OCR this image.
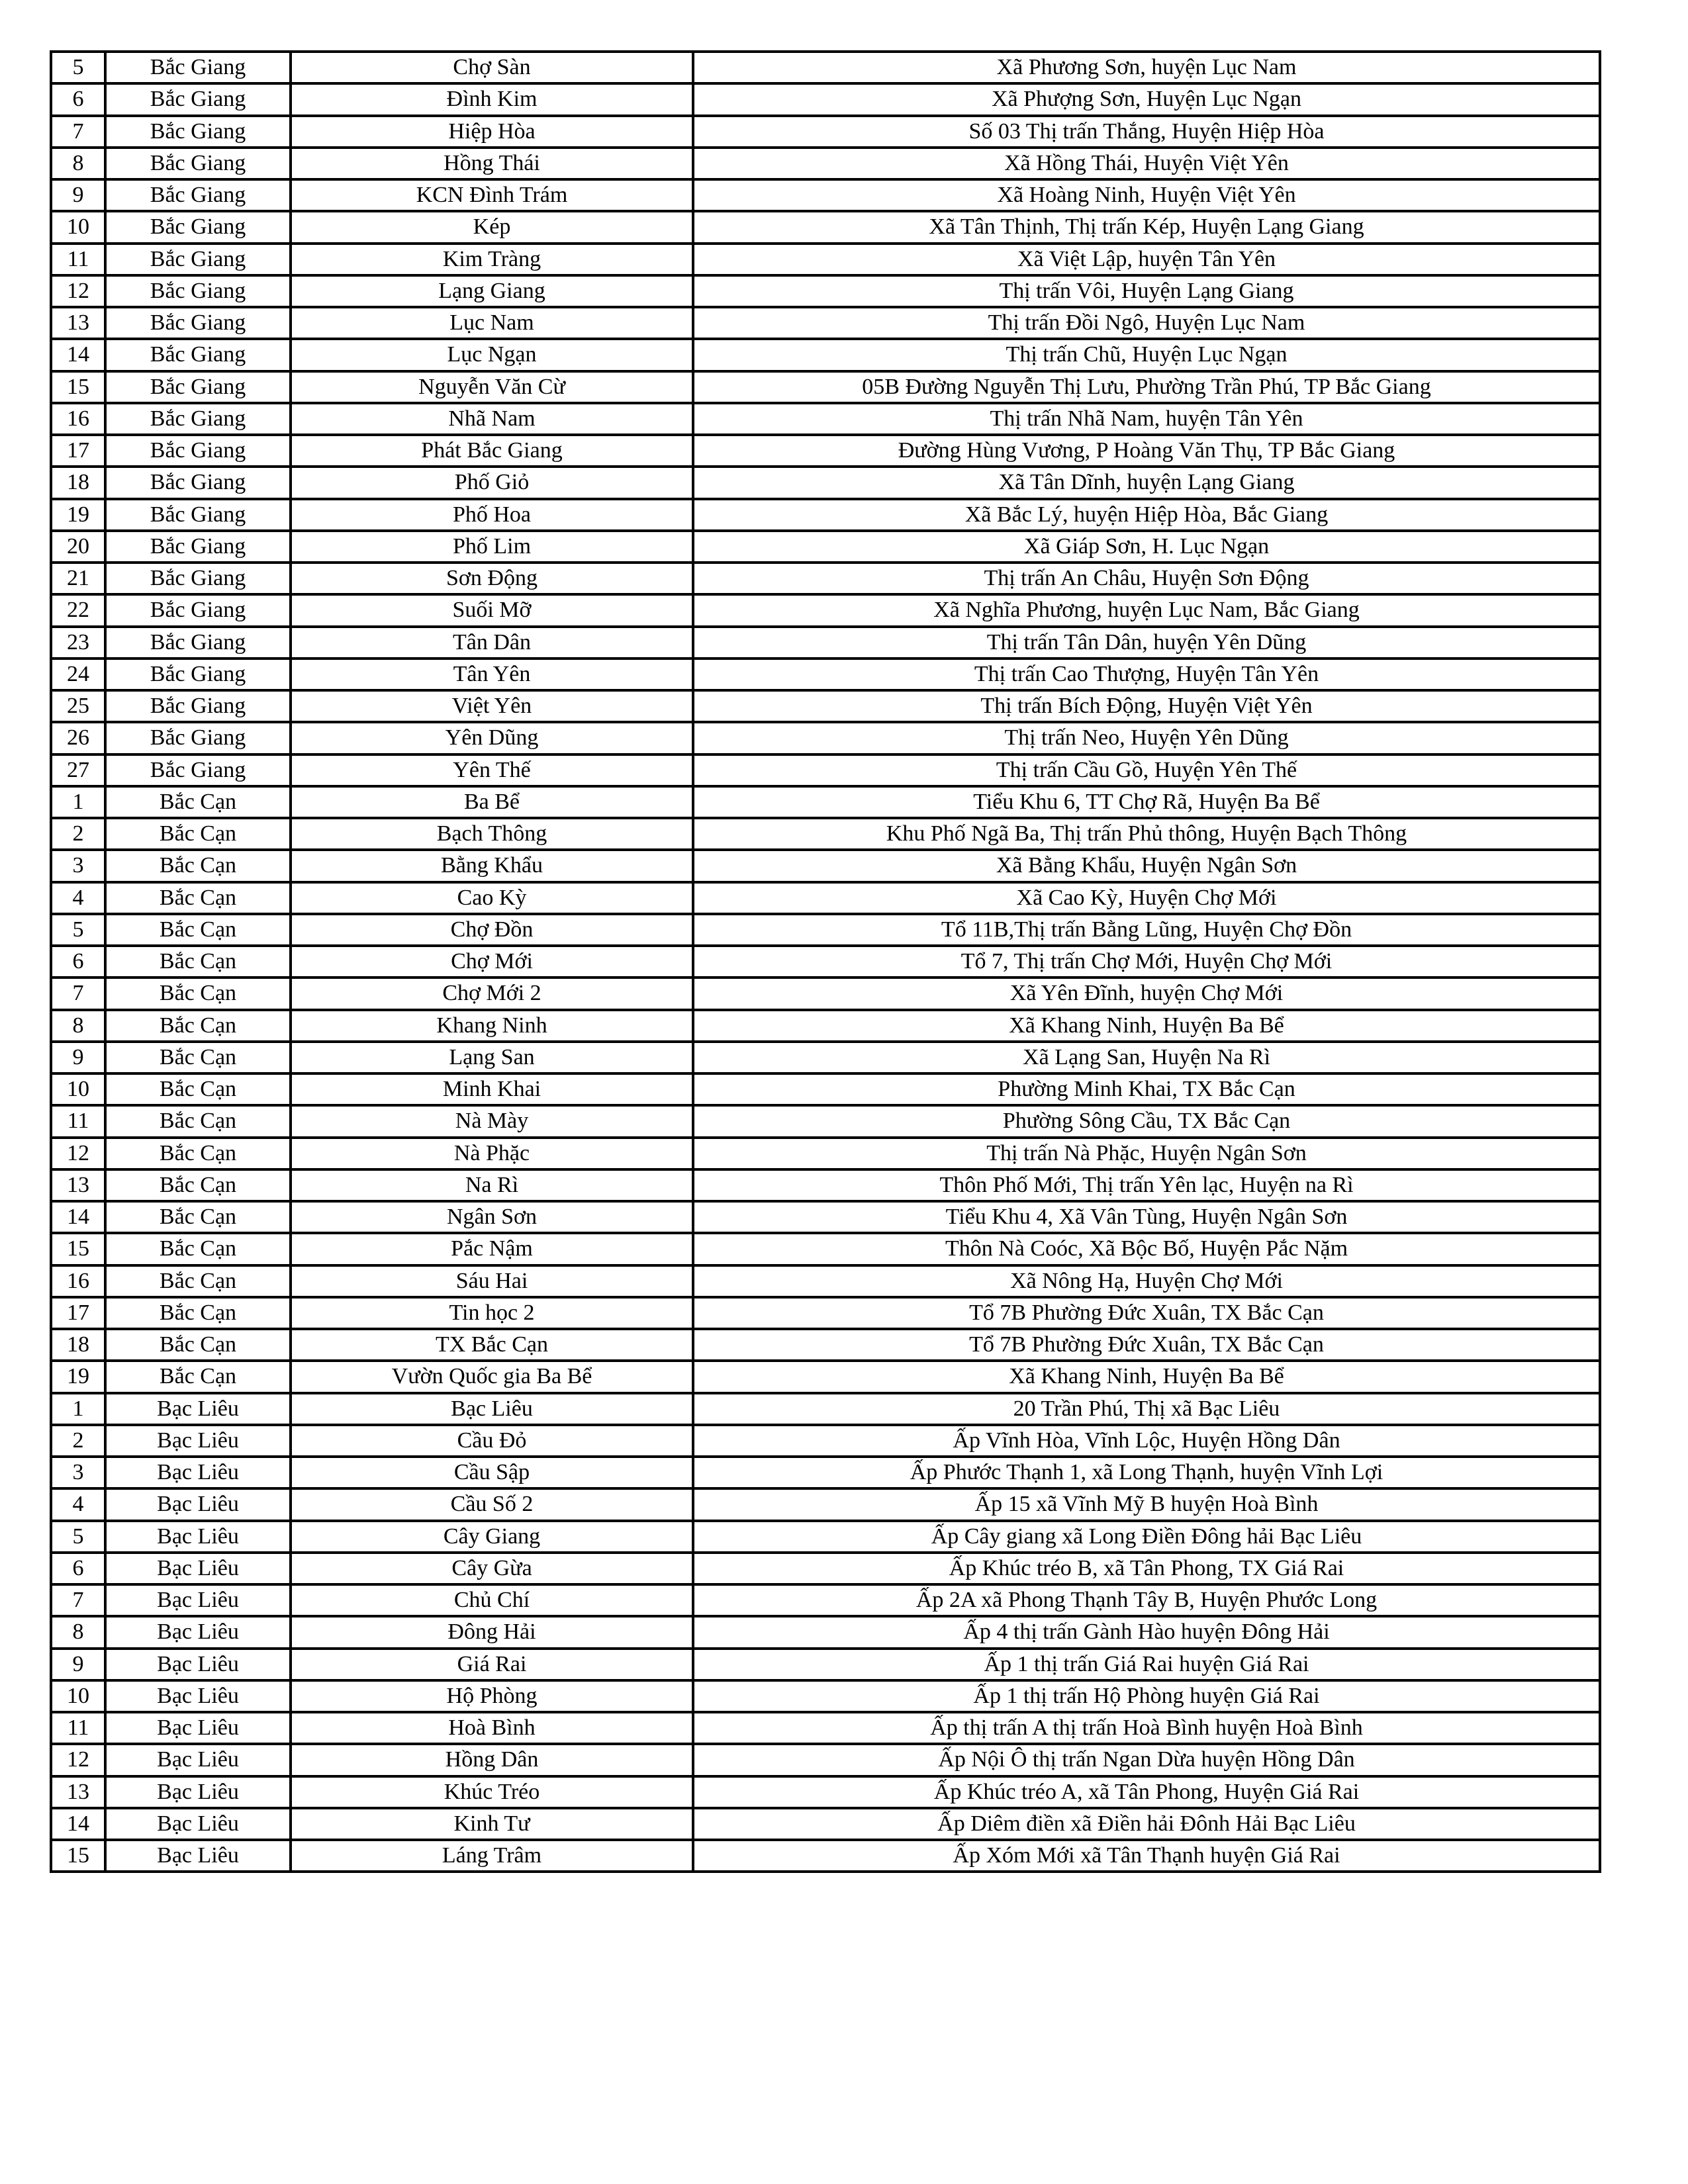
5	Bắc Giang	Chợ Sàn	Xã Phương Sơn, huyện Lục Nam
6	Bắc Giang	Đình Kim	Xã Phượng Sơn, Huyện Lục Ngạn
7	Bắc Giang	Hiệp Hòa	Số 03 Thị trấn Thắng, Huyện Hiệp Hòa
8	Bắc Giang	Hồng Thái	Xã Hồng Thái, Huyện Việt Yên
9	Bắc Giang	KCN Đình Trám	Xã Hoàng Ninh, Huyện Việt Yên
10	Bắc Giang	Kép	Xã Tân Thịnh, Thị trấn Kép, Huyện Lạng Giang
11	Bắc Giang	Kim Tràng	Xã Việt Lập, huyện Tân Yên
12	Bắc Giang	Lạng Giang	Thị trấn Vôi, Huyện Lạng Giang
13	Bắc Giang	Lục Nam	Thị trấn Đồi Ngô, Huyện Lục Nam
14	Bắc Giang	Lục Ngạn	Thị trấn Chũ, Huyện Lục Ngạn
15	Bắc Giang	Nguyễn Văn Cừ	05B Đường Nguyễn Thị Lưu, Phường Trần Phú, TP Bắc Giang
16	Bắc Giang	Nhã Nam	Thị trấn Nhã Nam, huyện Tân Yên
17	Bắc Giang	Phát Bắc Giang	Đường Hùng Vương, P Hoàng Văn Thụ, TP Bắc Giang
18	Bắc Giang	Phố Giỏ	Xã Tân Dĩnh, huyện Lạng Giang
19	Bắc Giang	Phố Hoa	Xã Bắc Lý, huyện Hiệp Hòa, Bắc Giang
20	Bắc Giang	Phố Lim	Xã Giáp Sơn, H. Lục Ngạn
21	Bắc Giang	Sơn Động	Thị trấn An Châu, Huyện Sơn Động
22	Bắc Giang	Suối Mỡ	Xã Nghĩa Phương, huyện Lục Nam, Bắc Giang
23	Bắc Giang	Tân Dân	Thị trấn Tân Dân, huyện Yên Dũng
24	Bắc Giang	Tân Yên	Thị trấn Cao Thượng, Huyện Tân Yên
25	Bắc Giang	Việt Yên	Thị trấn Bích Động, Huyện Việt Yên
26	Bắc Giang	Yên Dũng	Thị trấn Neo, Huyện Yên Dũng
27	Bắc Giang	Yên Thế	Thị trấn Cầu Gồ, Huyện Yên Thế
1	Bắc Cạn	Ba Bể	Tiểu Khu 6, TT Chợ Rã, Huyện Ba Bể
2	Bắc Cạn	Bạch Thông	Khu Phố Ngã Ba, Thị trấn Phủ thông, Huyện Bạch Thông
3	Bắc Cạn	Bằng Khẩu	Xã Bằng Khẩu, Huyện Ngân Sơn
4	Bắc Cạn	Cao Kỳ	Xã Cao Kỳ, Huyện Chợ Mới
5	Bắc Cạn	Chợ Đồn	Tổ 11B,Thị trấn Bằng Lũng, Huyện Chợ Đồn
6	Bắc Cạn	Chợ Mới	Tổ 7, Thị trấn Chợ Mới, Huyện Chợ Mới
7	Bắc Cạn	Chợ Mới 2	Xã Yên Đĩnh, huyện Chợ Mới
8	Bắc Cạn	Khang Ninh	Xã Khang Ninh, Huyện Ba Bể
9	Bắc Cạn	Lạng San	Xã Lạng San, Huyện Na Rì
10	Bắc Cạn	Minh Khai	Phường Minh Khai, TX Bắc Cạn
11	Bắc Cạn	Nà Mày	Phường Sông Cầu, TX Bắc Cạn
12	Bắc Cạn	Nà Phặc	Thị trấn Nà Phặc, Huyện Ngân Sơn
13	Bắc Cạn	Na Rì	Thôn Phố Mới, Thị trấn Yên lạc, Huyện na Rì
14	Bắc Cạn	Ngân Sơn	Tiểu Khu 4, Xã Vân Tùng, Huyện Ngân Sơn
15	Bắc Cạn	Pắc Nậm	Thôn Nà Coóc, Xã Bộc Bố, Huyện Pắc Nặm
16	Bắc Cạn	Sáu Hai	Xã Nông Hạ, Huyện Chợ Mới
17	Bắc Cạn	Tin học 2	Tổ 7B Phường Đức Xuân, TX Bắc Cạn
18	Bắc Cạn	TX Bắc Cạn	Tổ 7B Phường Đức Xuân, TX Bắc Cạn
19	Bắc Cạn	Vườn Quốc gia Ba Bể	Xã Khang Ninh, Huyện Ba Bể
1	Bạc Liêu	Bạc Liêu	20 Trần Phú, Thị xã Bạc Liêu
2	Bạc Liêu	Cầu Đỏ	Ấp Vĩnh Hòa, Vĩnh Lộc, Huyện Hồng Dân
3	Bạc Liêu	Cầu Sập	Ấp Phước Thạnh 1, xã Long Thạnh, huyện Vĩnh Lợi
4	Bạc Liêu	Cầu Số 2	Ấp 15 xã Vĩnh Mỹ B huyện Hoà Bình
5	Bạc Liêu	Cây Giang	Ấp Cây giang xã Long Điền Đông hải Bạc Liêu
6	Bạc Liêu	Cây Gừa	Ấp Khúc tréo B, xã Tân Phong, TX Giá Rai
7	Bạc Liêu	Chủ Chí	Ấp 2A xã Phong Thạnh Tây B, Huyện Phước Long
8	Bạc Liêu	Đông Hải	Ấp 4 thị trấn Gành Hào huyện Đông Hải
9	Bạc Liêu	Giá Rai	Ấp 1 thị trấn Giá Rai huyện Giá Rai
10	Bạc Liêu	Hộ Phòng	Ấp 1 thị trấn Hộ Phòng huyện Giá Rai
11	Bạc Liêu	Hoà Bình	Ấp thị trấn A thị trấn Hoà Bình huyện Hoà Bình
12	Bạc Liêu	Hồng Dân	Ấp Nội Ô thị trấn Ngan Dừa huyện Hồng Dân
13	Bạc Liêu	Khúc Tréo	Ấp Khúc tréo A, xã Tân Phong, Huyện Giá Rai
14	Bạc Liêu	Kinh Tư	Ấp Diêm điền xã Điền hải Đônh Hải Bạc Liêu
15	Bạc Liêu	Láng Trâm	Ấp Xóm Mới xã Tân Thạnh huyện Giá Rai
